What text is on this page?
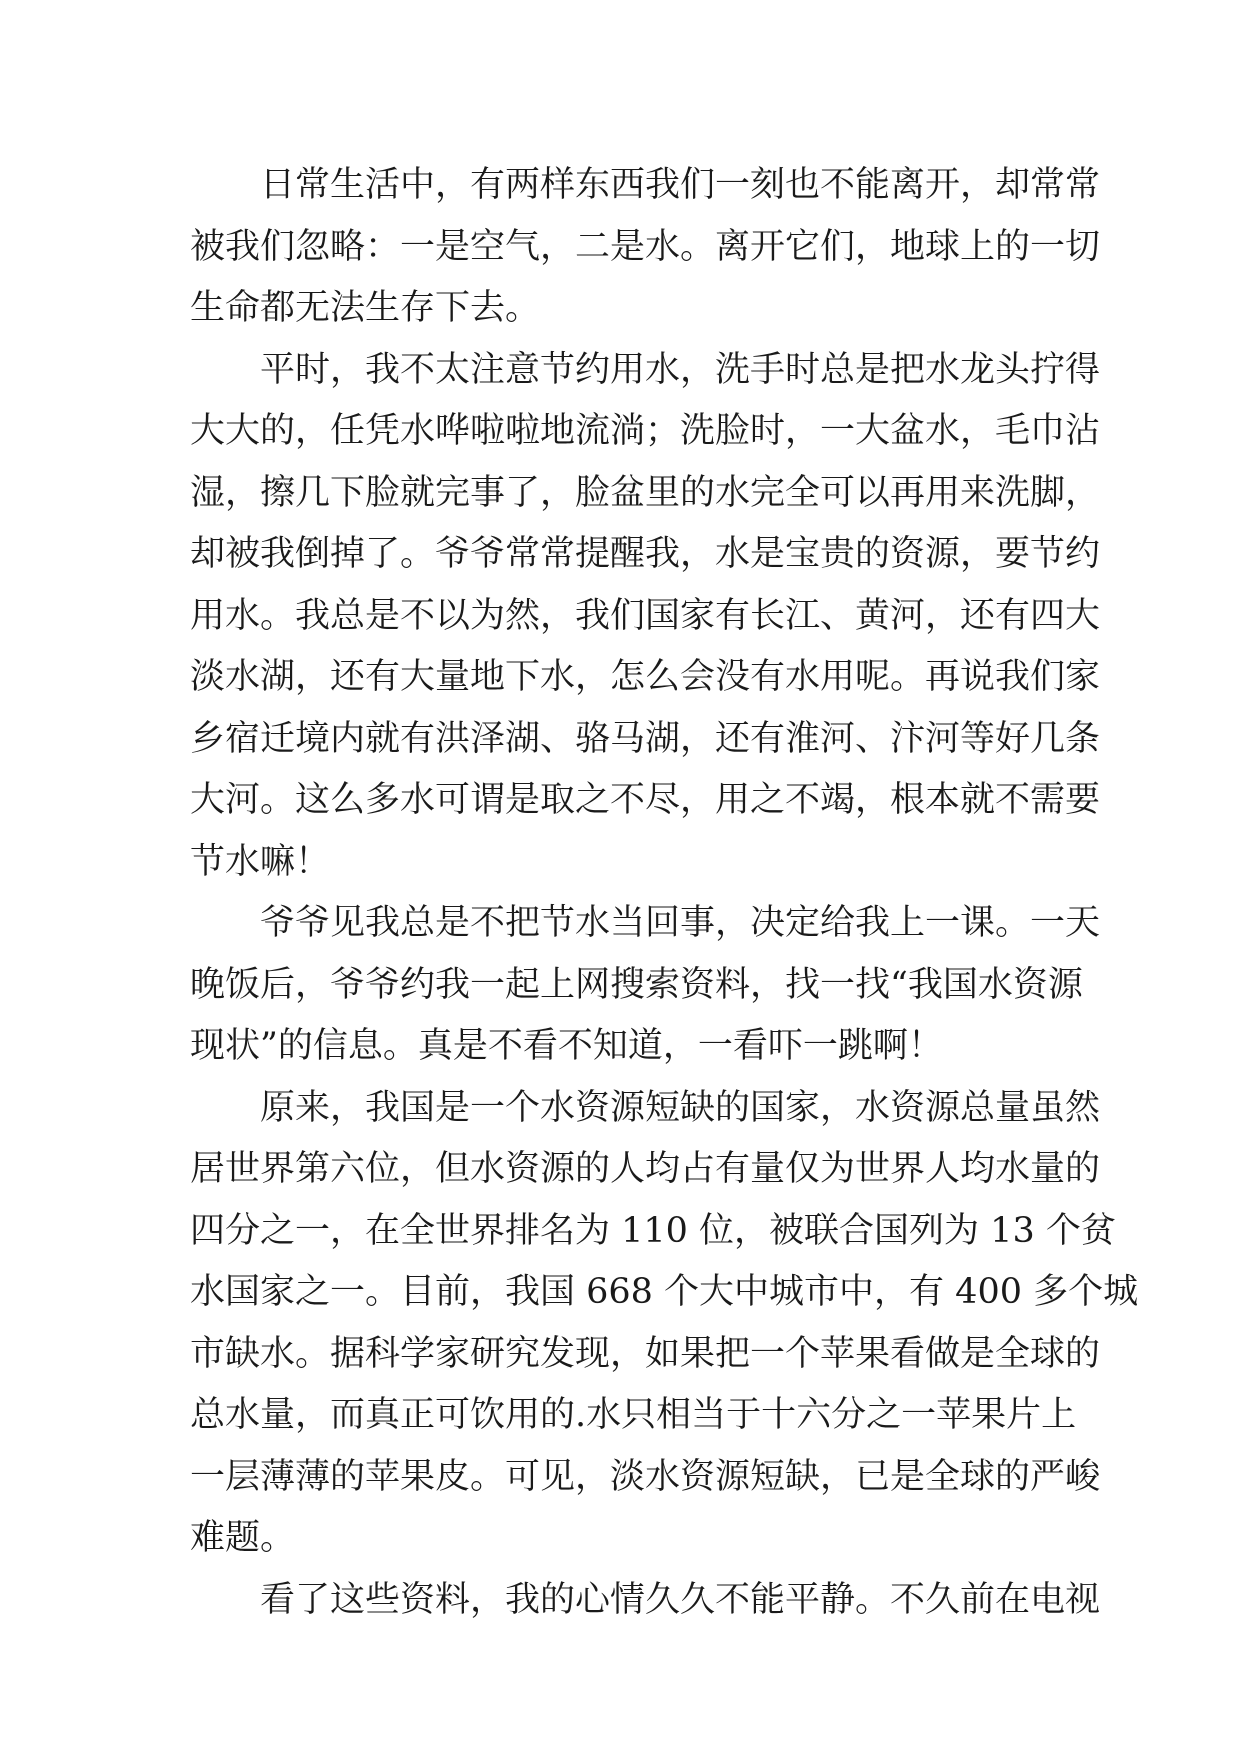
日常生活中，有两样东西我们一刻也不能离开，却常常
被我们忽略：一是空气，二是水。离开它们，地球上的一切
生命都无法生存下去。
平时，我不太注意节约用水，洗手时总是把水龙头拧得
大大的，任凭水哗啦啦地流淌；洗脸时，一大盆水，毛巾沾
湿，擦几下脸就完事了，脸盆里的水完全可以再用来洗脚，
却被我倒掉了。爷爷常常提醒我，水是宝贵的资源，要节约
用水。我总是不以为然，我们国家有长江、黄河，还有四大
淡水湖，还有大量地下水，怎么会没有水用呢。再说我们家
乡宿迁境内就有洪泽湖、骆马湖，还有淮河、汴河等好几条
大河。这么多水可谓是取之不尽，用之不竭，根本就不需要
节水嘛！
爷爷见我总是不把节水当回事，决定给我上一课。一天
晚饭后，爷爷约我一起上网搜索资料，找一找“我国水资源
现状”的信息。真是不看不知道，一看吓一跳啊！
原来，我国是一个水资源短缺的国家，水资源总量虽然
居世界第六位，但水资源的人均占有量仅为世界人均水量的
四分之一，在全世界排名为 110 位，被联合国列为 13 个贫
水国家之一。目前，我国 668 个大中城市中，有 400 多个城
市缺水。据科学家研究发现，如果把一个苹果看做是全球的
总水量，而真正可饮用的.水只相当于十六分之一苹果片上
一层薄薄的苹果皮。可见，淡水资源短缺，已是全球的严峻
难题。
看了这些资料，我的心情久久不能平静。不久前在电视
